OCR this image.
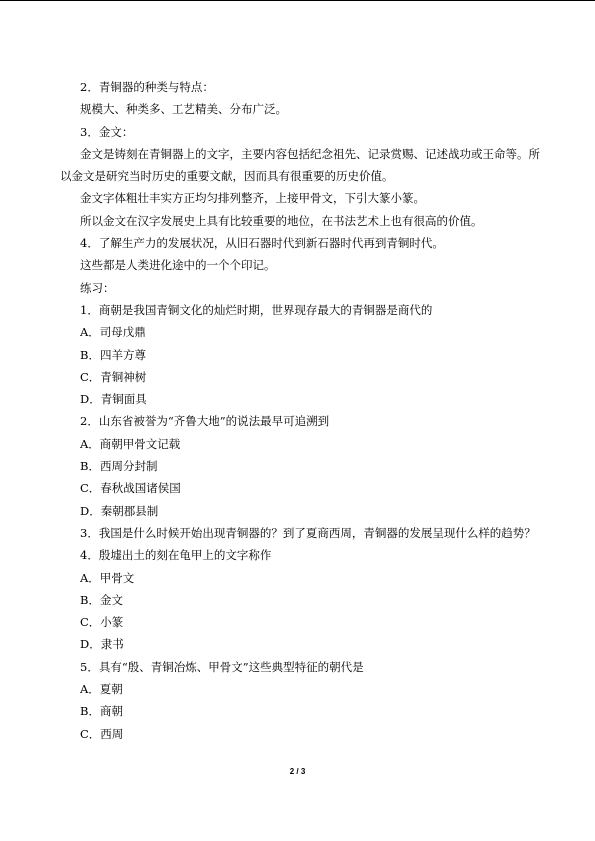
2．青铜器的种类与特点：

规模大、种类多、工艺精美、分布广泛。

3．金文：

金文是铸刻在青铜器上的文字，主要内容包括纪念祖先、记录赏赐、记述战功或王命等。所以金文是研究当时历史的重要文献，因而具有很重要的历史价值。

金文字体粗壮丰实方正均匀排列整齐，上接甲骨文，下引大篆小篆。

所以金文在汉字发展史上具有比较重要的地位，在书法艺术上也有很高的价值。

4．了解生产力的发展状况，从旧石器时代到新石器时代再到青铜时代。

这些都是人类进化途中的一个个印记。

练习：

1．商朝是我国青铜文化的灿烂时期，世界现存最大的青铜器是商代的

A．司母戊鼎

B．四羊方尊

C．青铜神树

D．青铜面具

2．山东省被誉为“齐鲁大地”的说法最早可追溯到

A．商朝甲骨文记载

B．西周分封制

C．春秋战国诸侯国

D．秦朝郡县制

3．我国是什么时候开始出现青铜器的？到了夏商西周，青铜器的发展呈现什么样的趋势？

4．殷墟出土的刻在龟甲上的文字称作

A．甲骨文

B．金文

C．小篆

D．隶书

5．具有“殷、青铜冶炼、甲骨文”这些典型特征的朝代是

A．夏朝

B．商朝

C．西周

2 / 3
